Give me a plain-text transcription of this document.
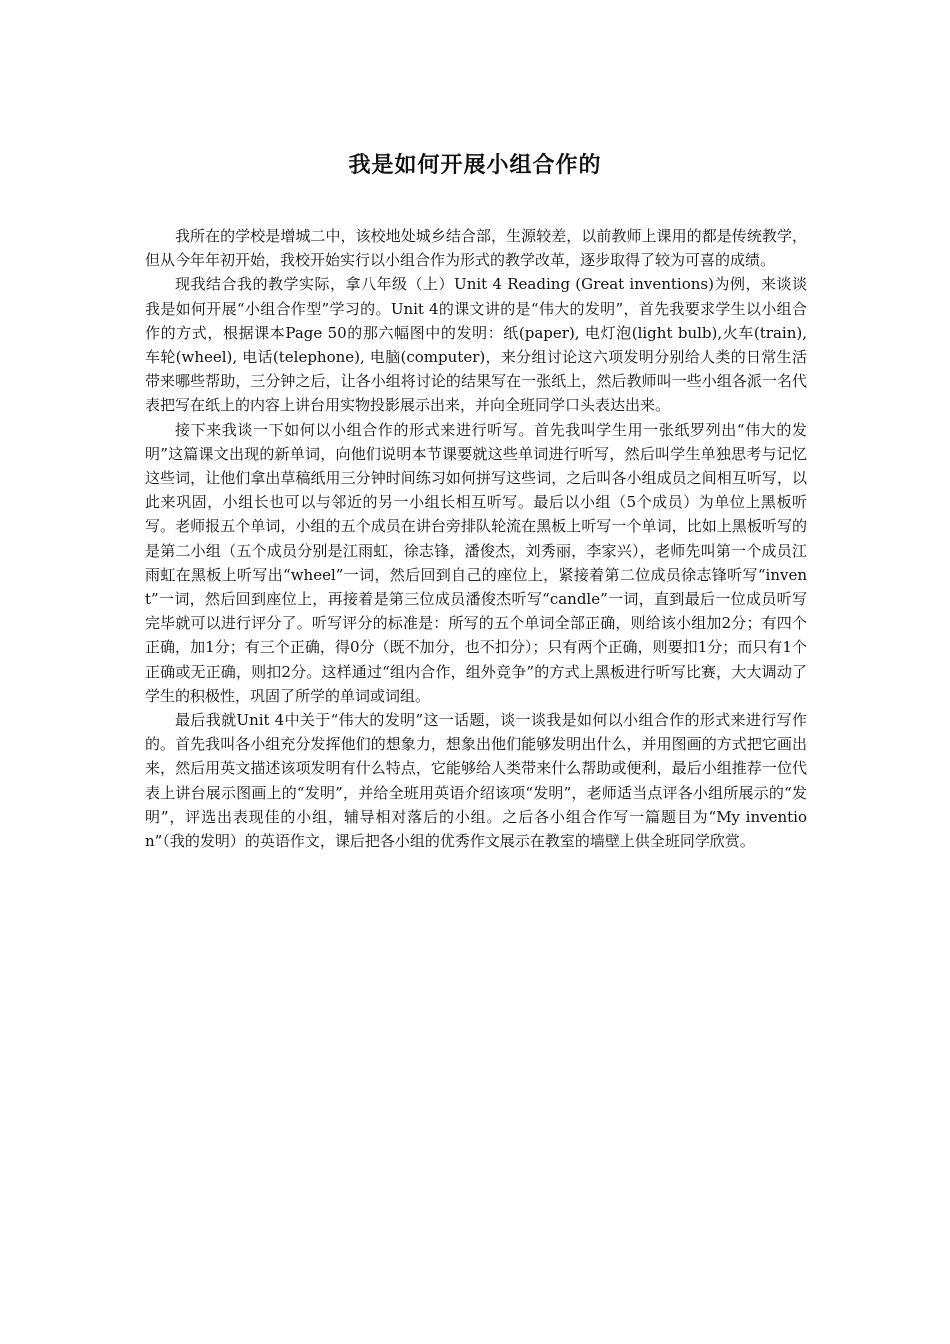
我是如何开展小组合作的

我所在的学校是增城二中，该校地处城乡结合部，生源较差，以前教师上课用的都是传统教学，但从今年年初开始，我校开始实行以小组合作为形式的教学改革，逐步取得了较为可喜的成绩。

现我结合我的教学实际，拿八年级（上）Unit 4 Reading (Great inventions)为例，来谈谈我是如何开展“小组合作型”学习的。Unit 4的课文讲的是“伟大的发明”，首先我要求学生以小组合作的方式，根据课本Page 50的那六幅图中的发明：纸(paper), 电灯泡(light bulb),火车(train), 车轮(wheel), 电话(telephone), 电脑(computer)，来分组讨论这六项发明分别给人类的日常生活带来哪些帮助，三分钟之后，让各小组将讨论的结果写在一张纸上，然后教师叫一些小组各派一名代表把写在纸上的内容上讲台用实物投影展示出来，并向全班同学口头表达出来。

接下来我谈一下如何以小组合作的形式来进行听写。首先我叫学生用一张纸罗列出“伟大的发明”这篇课文出现的新单词，向他们说明本节课要就这些单词进行听写，然后叫学生单独思考与记忆这些词，让他们拿出草稿纸用三分钟时间练习如何拼写这些词，之后叫各小组成员之间相互听写，以此来巩固，小组长也可以与邻近的另一小组长相互听写。最后以小组（5个成员）为单位上黑板听写。老师报五个单词，小组的五个成员在讲台旁排队轮流在黑板上听写一个单词，比如上黑板听写的是第二小组（五个成员分别是江雨虹，徐志锋，潘俊杰，刘秀丽，李家兴），老师先叫第一个成员江雨虹在黑板上听写出“wheel”一词，然后回到自己的座位上，紧接着第二位成员徐志锋听写“invent”一词，然后回到座位上，再接着是第三位成员潘俊杰听写“candle”一词，直到最后一位成员听写完毕就可以进行评分了。听写评分的标准是：所写的五个单词全部正确，则给该小组加2分；有四个正确，加1分；有三个正确，得0分（既不加分，也不扣分）；只有两个正确，则要扣1分；而只有1个正确或无正确，则扣2分。这样通过“组内合作，组外竞争”的方式上黑板进行听写比赛，大大调动了学生的积极性，巩固了所学的单词或词组。

最后我就Unit 4中关于“伟大的发明”这一话题，谈一谈我是如何以小组合作的形式来进行写作的。首先我叫各小组充分发挥他们的想象力，想象出他们能够发明出什么，并用图画的方式把它画出来，然后用英文描述该项发明有什么特点，它能够给人类带来什么帮助或便利，最后小组推荐一位代表上讲台展示图画上的“发明”，并给全班用英语介绍该项“发明”，老师适当点评各小组所展示的“发明”，评选出表现佳的小组，辅导相对落后的小组。之后各小组合作写一篇题目为“My invention”（我的发明）的英语作文，课后把各小组的优秀作文展示在教室的墙壁上供全班同学欣赏。
